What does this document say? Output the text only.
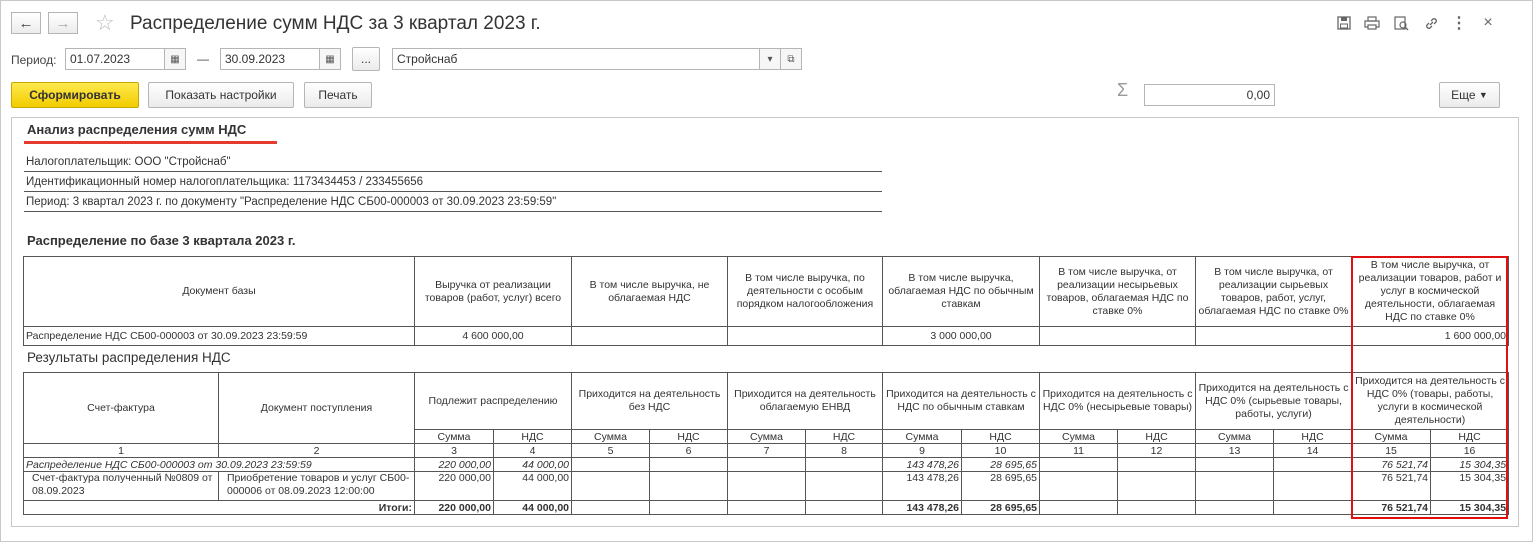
← → ☆ Распределение сумм НДС за 3 квартал 2023 г.	⋮ ×
Период:	01.07.2023	▦ —	30.09.2023	▦	...	Стройснаб	▾ ⧉
Сформировать	Показать настройки	Печать	Σ	0,00	Еще
▼
Анализ распределения сумм НДС
Налогоплательщик: ООО "Стройснаб"
Идентификационный номер налогоплательщика: 1173434453 / 233455656
Период: 3 квартал 2023 г. по документу "Распределение НДС СБ00-000003 от 30.09.2023 23:59:59"
Распределение по базе 3 квартала 2023 г.
Документ базы	Выручка от реализации товаров (работ, услуг) всего	В том числе выручка, не облагаемая НДС	В том числе выручка, по деятельности с особым порядком налогообложения	В том числе выручка, облагаемая НДС по обычным ставкам	В том числе выручка, от реализации несырьевых товаров, облагаемая НДС по ставке 0%	В том числе выручка, от реализации сырьевых товаров, работ, услуг, облагаемая НДС по ставке 0%	В том числе выручка, от реализации товаров, работ и услуг в космической деятельности, облагаемая НДС по ставке 0%
Распределение НДС СБ00-000003 от 30.09.2023 23:59:59	4 600 000,00			3 000 000,00			1 600 000,00
Результаты распределения НДС
Счет-фактура	Документ поступления	Подлежит распределению		Приходится на деятельность без НДС		Приходится на деятельность облагаемую ЕНВД		Приходится на деятельность с НДС по обычным ставкам		Приходится на деятельность с НДС 0% (несырьевые товары)		Приходится на деятельность с НДС 0% (сырьевые товары, работы, услуги)		Приходится на деятельность с НДС 0% (товары, работы, услуги в космической деятельности)		
		Сумма	НДС	Сумма	НДС	Сумма	НДС	Сумма	НДС	Сумма	НДС	Сумма	НДС	Сумма	НДС	
1	2	3	4	5	6	7	8	9	10	11	12	13	14	15	16		
Распределение НДС СБ00-000003 от 30.09.2023 23:59:59		220 000,00	44 000,00					143 478,26	28 695,65					76 521,74	15 304,35	
Счет-фактура полученный №0809 от 08.09.2023	Приобретение товаров и услуг СБ00-000006 от 08.09.2023 12:00:00	220 000,00	44 000,00					143 478,26	28 695,65					76 521,74	15 304,35	
Итоги:		220 000,00	44 000,00					143 478,26	28 695,65					76 521,74	15 304,35	
